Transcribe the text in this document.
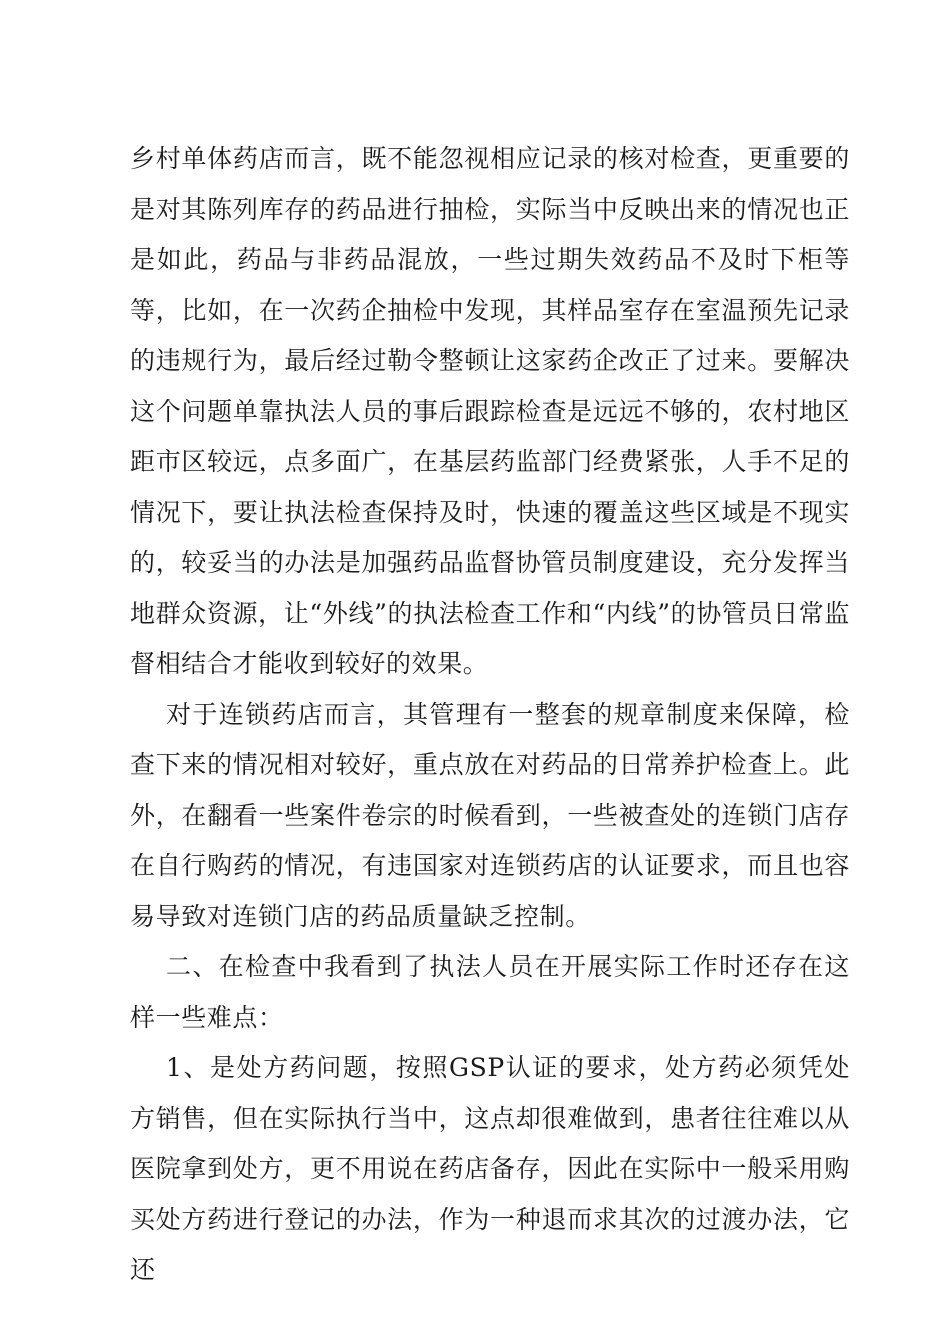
乡村单体药店而言，既不能忽视相应记录的核对检查，更重要的是对其陈列库存的药品进行抽检，实际当中反映出来的情况也正是如此，药品与非药品混放，一些过期失效药品不及时下柜等等，比如，在一次药企抽检中发现，其样品室存在室温预先记录的违规行为，最后经过勒令整顿让这家药企改正了过来。要解决这个问题单靠执法人员的事后跟踪检查是远远不够的，农村地区距市区较远，点多面广，在基层药监部门经费紧张，人手不足的情况下，要让执法检查保持及时，快速的覆盖这些区域是不现实的，较妥当的办法是加强药品监督协管员制度建设，充分发挥当地群众资源，让“外线”的执法检查工作和“内线”的协管员日常监督相结合才能收到较好的效果。

对于连锁药店而言，其管理有一整套的规章制度来保障，检查下来的情况相对较好，重点放在对药品的日常养护检查上。此外，在翻看一些案件卷宗的时候看到，一些被查处的连锁门店存在自行购药的情况，有违国家对连锁药店的认证要求，而且也容易导致对连锁门店的药品质量缺乏控制。

二、在检查中我看到了执法人员在开展实际工作时还存在这样一些难点：

1、是处方药问题，按照GSP认证的要求，处方药必须凭处方销售，但在实际执行当中，这点却很难做到，患者往往难以从医院拿到处方，更不用说在药店备存，因此在实际中一般采用购买处方药进行登记的办法，作为一种退而求其次的过渡办法，它还
